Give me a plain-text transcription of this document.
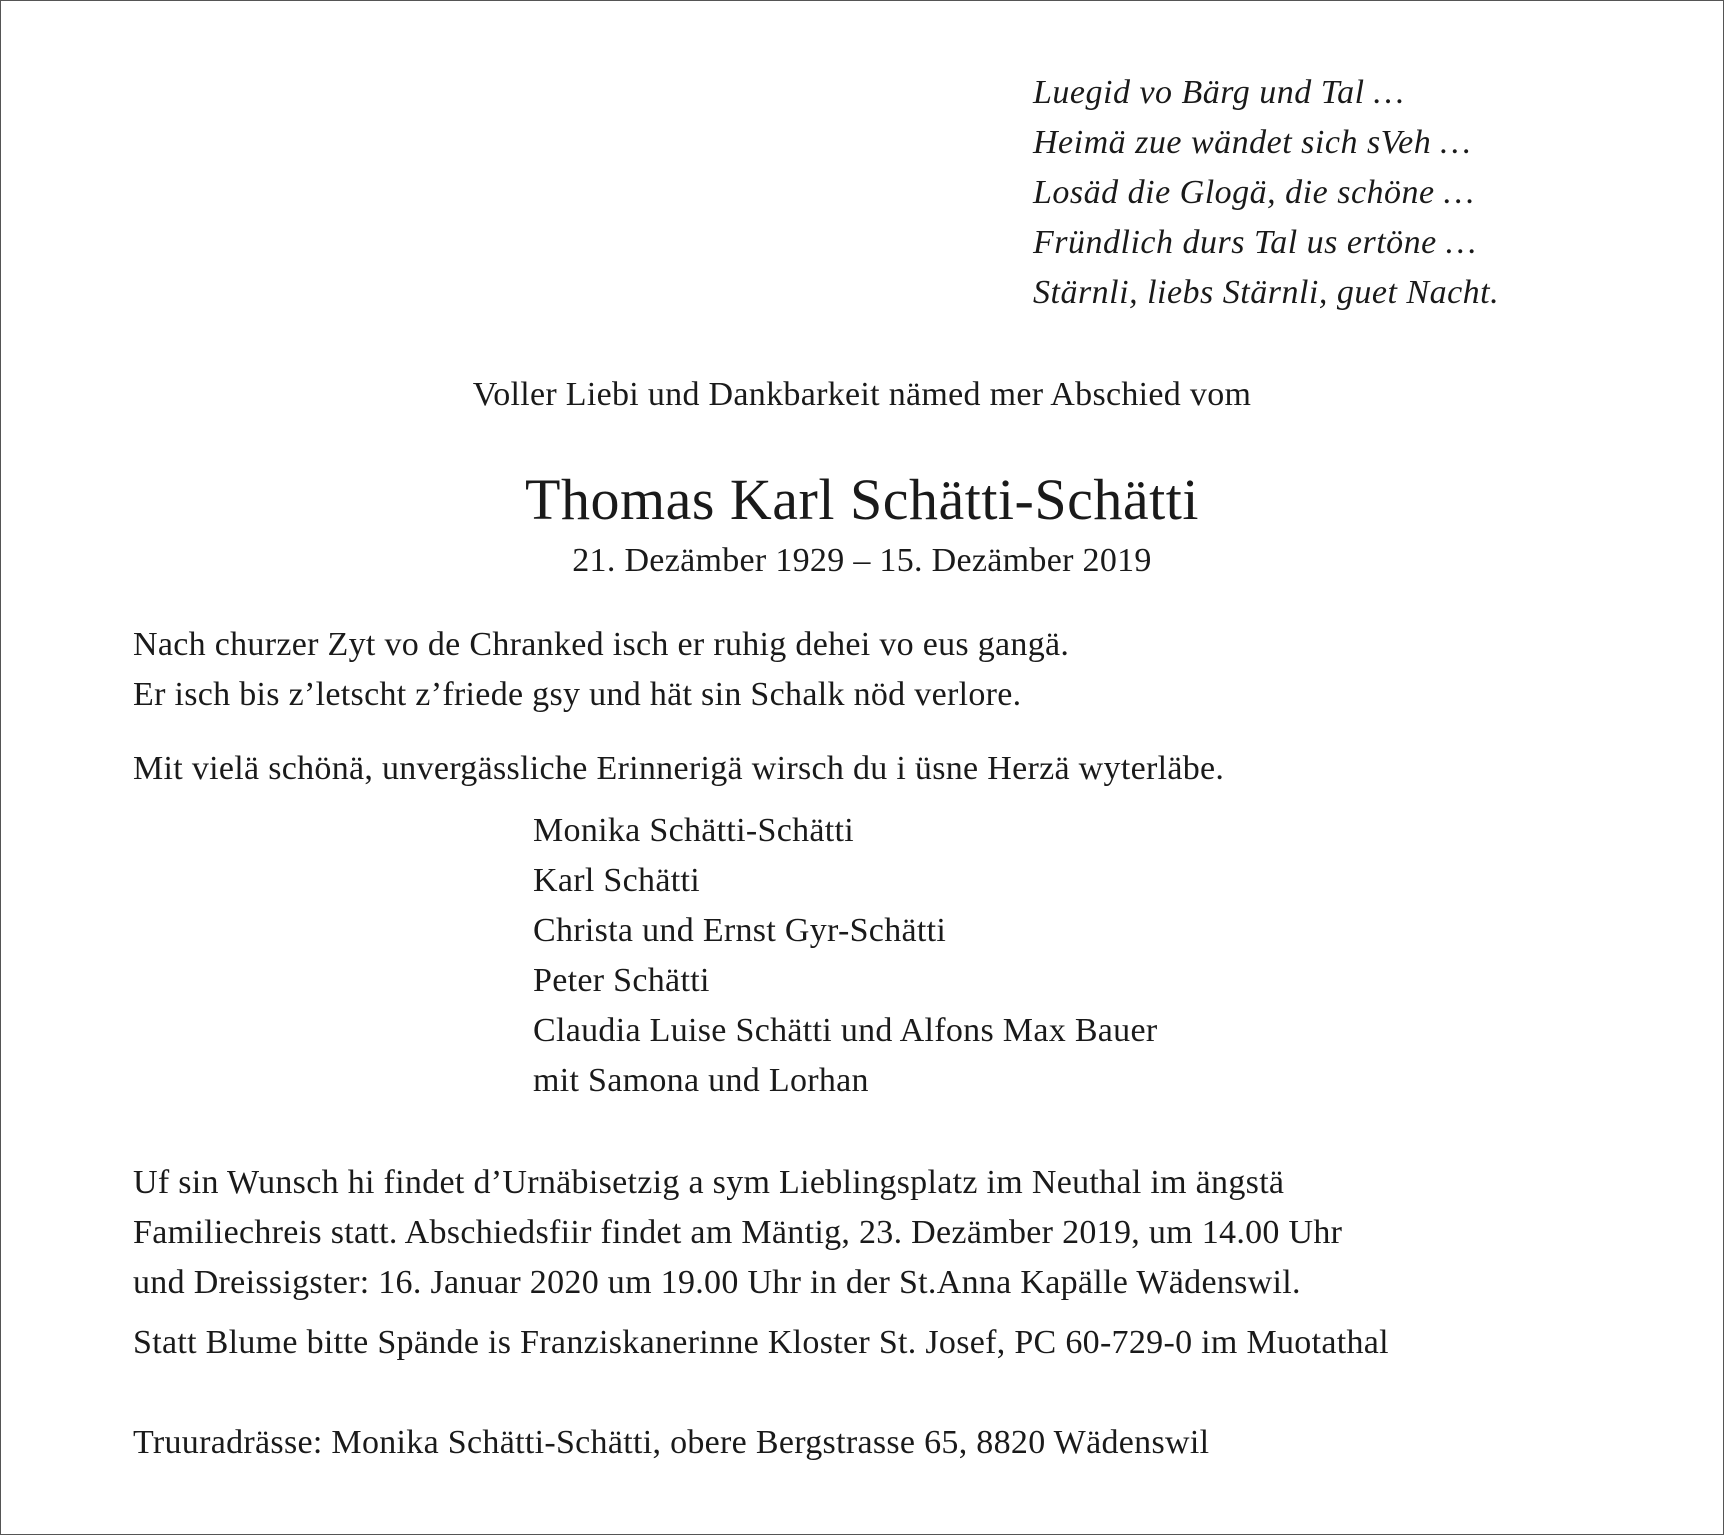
Luegid vo Bärg und Tal …
Heimä zue wändet sich sVeh …
Losäd die Glogä, die schöne …
Fründlich durs Tal us ertöne …
Stärnli, liebs Stärnli, guet Nacht.
Voller Liebi und Dankbarkeit nämed mer Abschied vom
Thomas Karl Schätti-Schätti
21. Dezämber 1929 – 15. Dezämber 2019
Nach churzer Zyt vo de Chranked isch er ruhig dehei vo eus gangä.
Er isch bis z’letscht z’friede gsy und hät sin Schalk nöd verlore.
Mit vielä schönä, unvergässliche Erinnerigä wirsch du i üsne Herzä wyterläbe.
Monika Schätti-Schätti
Karl Schätti
Christa und Ernst Gyr-Schätti
Peter Schätti
Claudia Luise Schätti und Alfons Max Bauer
mit Samona und Lorhan
Uf sin Wunsch hi findet d’Urnäbisetzig a sym Lieblingsplatz im Neuthal im ängstä
Familiechreis statt. Abschiedsfiir findet am Mäntig, 23. Dezämber 2019, um 14.00 Uhr
und Dreissigster: 16. Januar 2020 um 19.00 Uhr in der St.Anna Kapälle Wädenswil.
Statt Blume bitte Spände is Franziskanerinne Kloster St. Josef, PC 60-729-0 im Muotathal
Truuradrässe: Monika Schätti-Schätti, obere Bergstrasse 65, 8820 Wädenswil
